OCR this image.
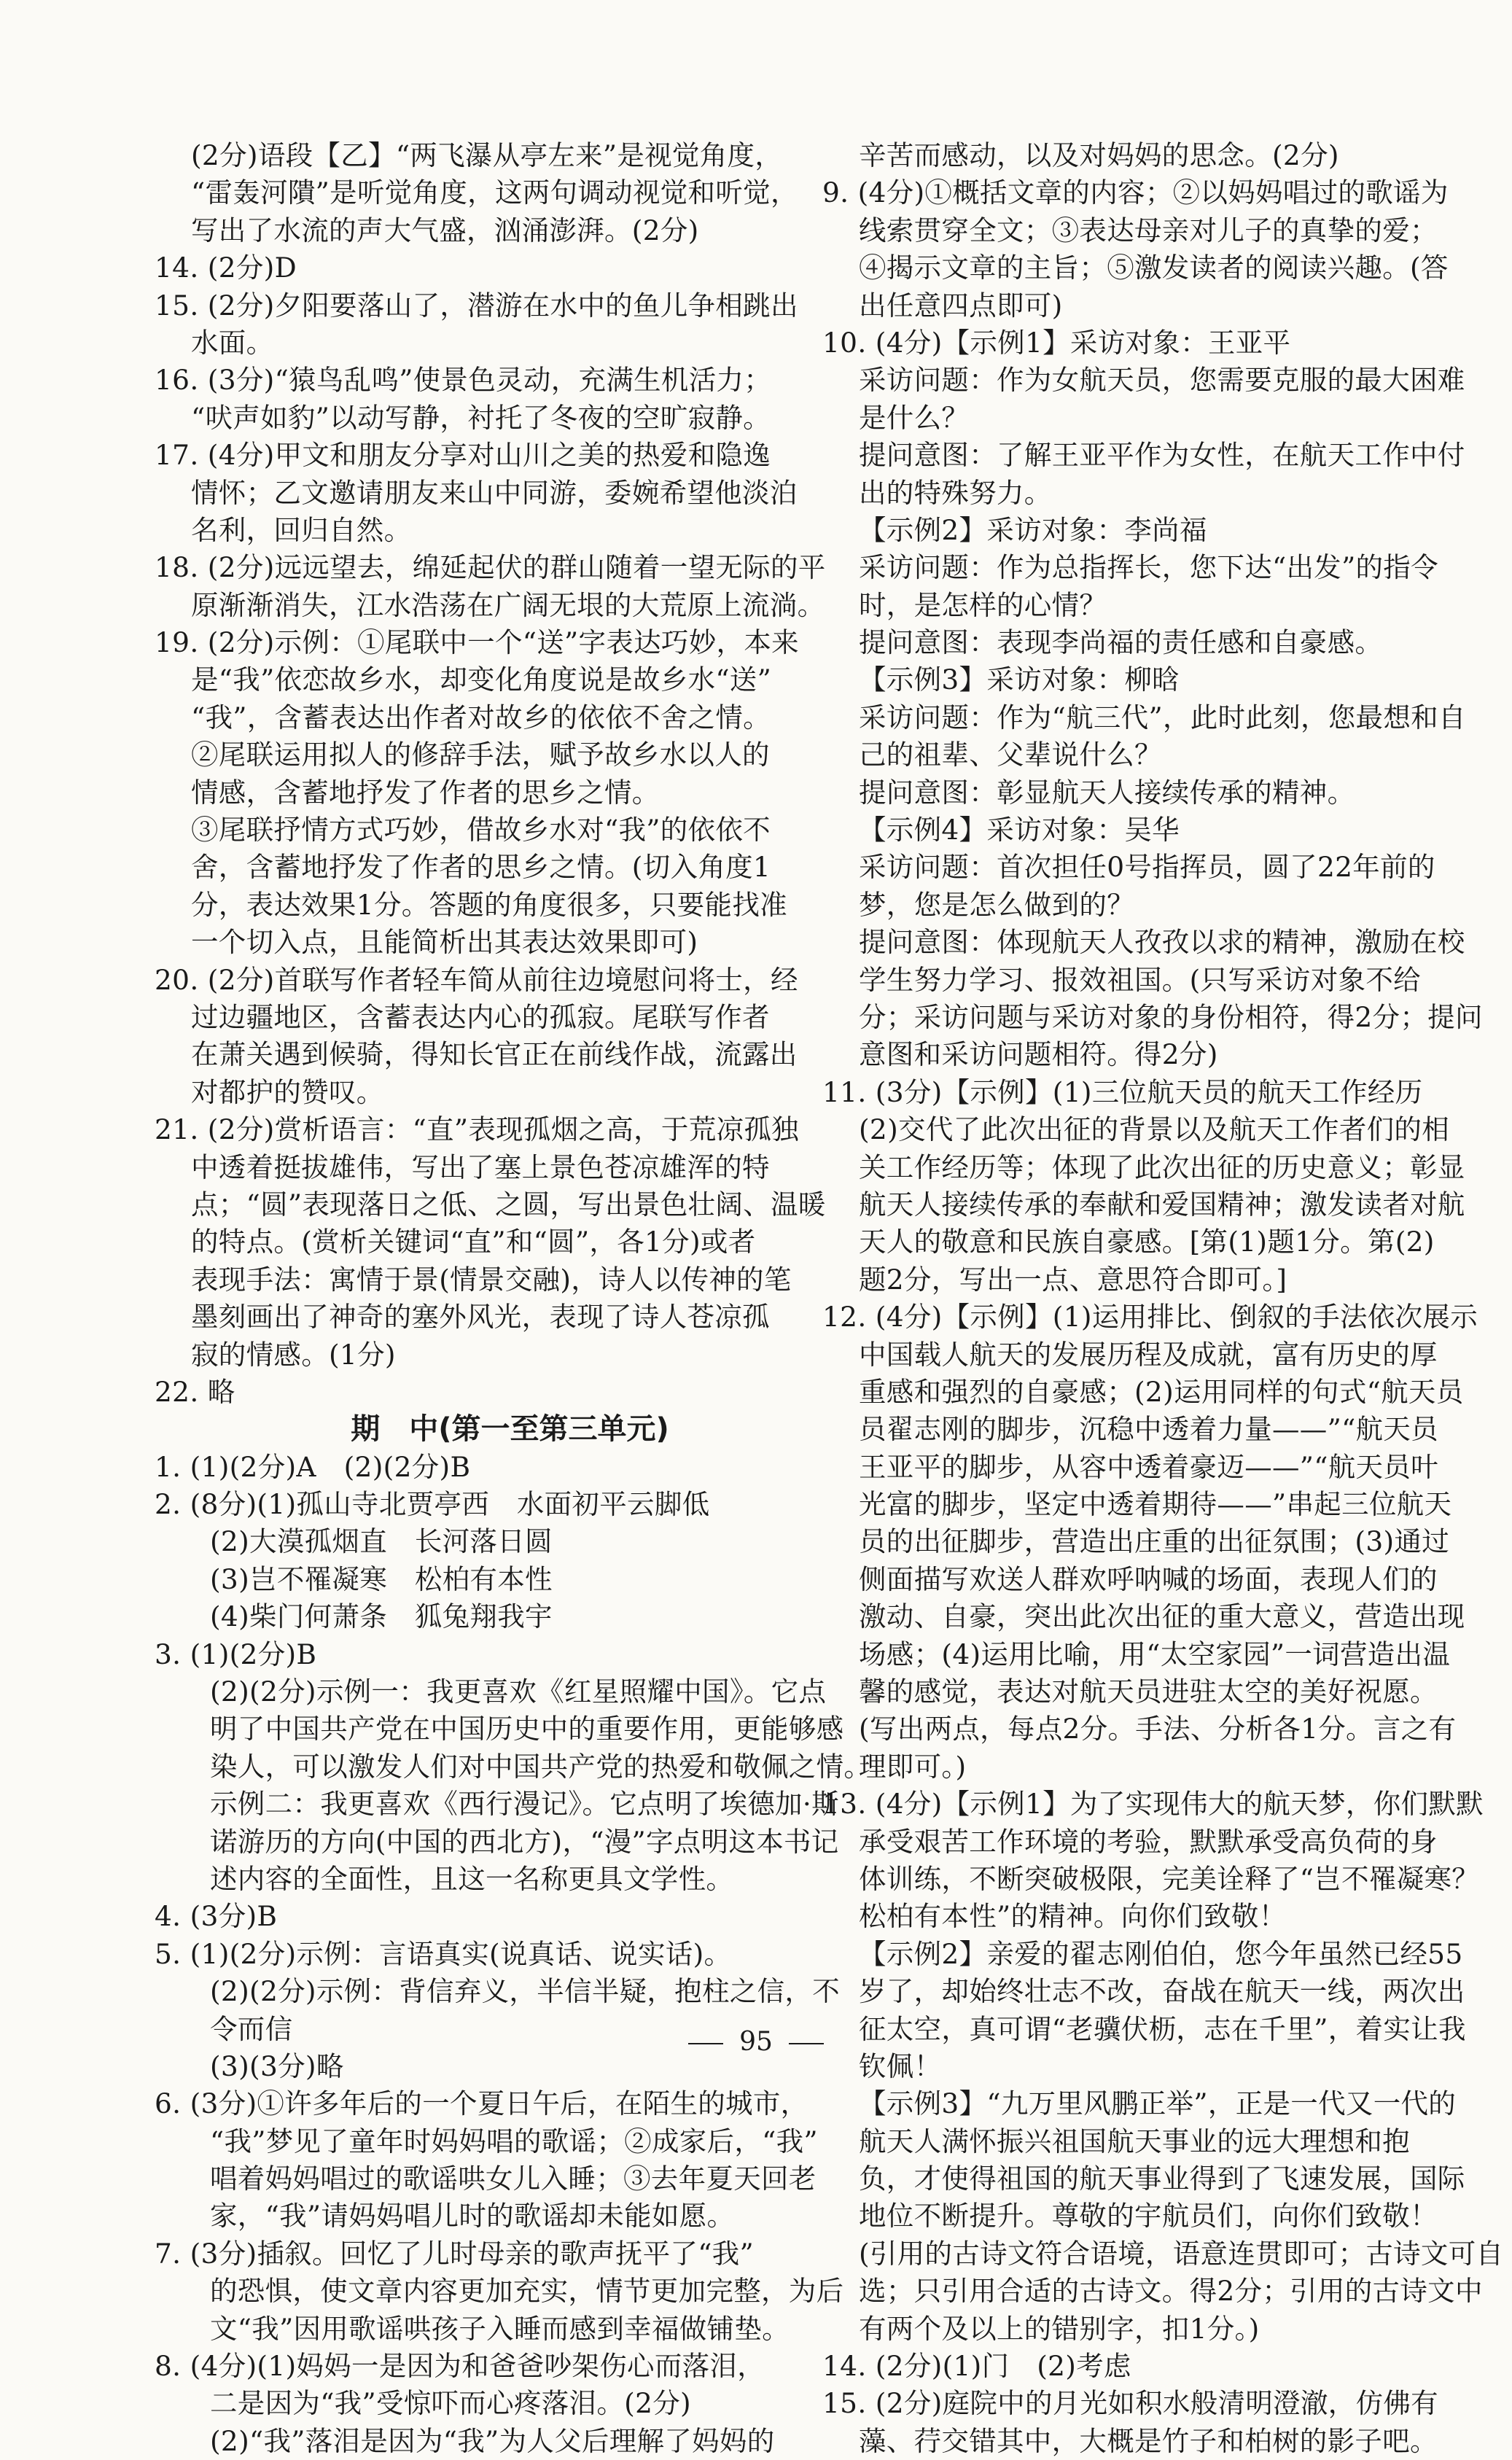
(2分)语段【乙】“两飞瀑从亭左来”是视觉角度，
“雷轰河隤”是听觉角度，这两句调动视觉和听觉，
写出了水流的声大气盛，汹涌澎湃。(2分)
14. (2分)D
15. (2分)夕阳要落山了，潜游在水中的鱼儿争相跳出
水面。
16. (3分)“猿鸟乱鸣”使景色灵动，充满生机活力；
“吠声如豹”以动写静，衬托了冬夜的空旷寂静。
17. (4分)甲文和朋友分享对山川之美的热爱和隐逸
情怀；乙文邀请朋友来山中同游，委婉希望他淡泊
名利，回归自然。
18. (2分)远远望去，绵延起伏的群山随着一望无际的平
原渐渐消失，江水浩荡在广阔无垠的大荒原上流淌。
19. (2分)示例：①尾联中一个“送”字表达巧妙，本来
是“我”依恋故乡水，却变化角度说是故乡水“送”
“我”，含蓄表达出作者对故乡的依依不舍之情。
②尾联运用拟人的修辞手法，赋予故乡水以人的
情感，含蓄地抒发了作者的思乡之情。
③尾联抒情方式巧妙，借故乡水对“我”的依依不
舍，含蓄地抒发了作者的思乡之情。(切入角度1
分，表达效果1分。答题的角度很多，只要能找准
一个切入点，且能简析出其表达效果即可)
20. (2分)首联写作者轻车简从前往边境慰问将士，经
过边疆地区，含蓄表达内心的孤寂。尾联写作者
在萧关遇到候骑，得知长官正在前线作战，流露出
对都护的赞叹。
21. (2分)赏析语言：“直”表现孤烟之高，于荒凉孤独
中透着挺拔雄伟，写出了塞上景色苍凉雄浑的特
点；“圆”表现落日之低、之圆，写出景色壮阔、温暖
的特点。(赏析关键词“直”和“圆”，各1分)或者
表现手法：寓情于景(情景交融)，诗人以传神的笔
墨刻画出了神奇的塞外风光，表现了诗人苍凉孤
寂的情感。(1分)
22. 略
期　中(第一至第三单元)
1. (1)(2分)A　(2)(2分)B
2. (8分)(1)孤山寺北贾亭西　水面初平云脚低
(2)大漠孤烟直　长河落日圆
(3)岂不罹凝寒　松柏有本性
(4)柴门何萧条　狐兔翔我宇
3. (1)(2分)B
(2)(2分)示例一：我更喜欢《红星照耀中国》。它点
明了中国共产党在中国历史中的重要作用，更能够感
染人，可以激发人们对中国共产党的热爱和敬佩之情。
示例二：我更喜欢《西行漫记》。它点明了埃德加·斯
诺游历的方向(中国的西北方)，“漫”字点明这本书记
述内容的全面性，且这一名称更具文学性。
4. (3分)B
5. (1)(2分)示例：言语真实(说真话、说实话)。
(2)(2分)示例：背信弃义，半信半疑，抱柱之信，不
令而信
(3)(3分)略
6. (3分)①许多年后的一个夏日午后，在陌生的城市，
“我”梦见了童年时妈妈唱的歌谣；②成家后，“我”
唱着妈妈唱过的歌谣哄女儿入睡；③去年夏天回老
家，“我”请妈妈唱儿时的歌谣却未能如愿。
7. (3分)插叙。回忆了儿时母亲的歌声抚平了“我”
的恐惧，使文章内容更加充实，情节更加完整，为后
文“我”因用歌谣哄孩子入睡而感到幸福做铺垫。
8. (4分)(1)妈妈一是因为和爸爸吵架伤心而落泪，
二是因为“我”受惊吓而心疼落泪。(2分)
(2)“我”落泪是因为“我”为人父后理解了妈妈的
辛苦而感动，以及对妈妈的思念。(2分)
9. (4分)①概括文章的内容；②以妈妈唱过的歌谣为
线索贯穿全文；③表达母亲对儿子的真挚的爱；
④揭示文章的主旨；⑤激发读者的阅读兴趣。(答
出任意四点即可)
10. (4分)【示例1】采访对象：王亚平
采访问题：作为女航天员，您需要克服的最大困难
是什么？
提问意图：了解王亚平作为女性，在航天工作中付
出的特殊努力。
【示例2】采访对象：李尚福
采访问题：作为总指挥长，您下达“出发”的指令
时，是怎样的心情？
提问意图：表现李尚福的责任感和自豪感。
【示例3】采访对象：柳晗
采访问题：作为“航三代”，此时此刻，您最想和自
己的祖辈、父辈说什么？
提问意图：彰显航天人接续传承的精神。
【示例4】采访对象：吴华
采访问题：首次担任0号指挥员，圆了22年前的
梦，您是怎么做到的？
提问意图：体现航天人孜孜以求的精神，激励在校
学生努力学习、报效祖国。(只写采访对象不给
分；采访问题与采访对象的身份相符，得2分；提问
意图和采访问题相符。得2分)
11. (3分)【示例】(1)三位航天员的航天工作经历
(2)交代了此次出征的背景以及航天工作者们的相
关工作经历等；体现了此次出征的历史意义；彰显
航天人接续传承的奉献和爱国精神；激发读者对航
天人的敬意和民族自豪感。[第(1)题1分。第(2)
题2分，写出一点、意思符合即可。]
12. (4分)【示例】(1)运用排比、倒叙的手法依次展示
中国载人航天的发展历程及成就，富有历史的厚
重感和强烈的自豪感；(2)运用同样的句式“航天员
员翟志刚的脚步，沉稳中透着力量——”“航天员
王亚平的脚步，从容中透着豪迈——”“航天员叶
光富的脚步，坚定中透着期待——”串起三位航天
员的出征脚步，营造出庄重的出征氛围；(3)通过
侧面描写欢送人群欢呼呐喊的场面，表现人们的
激动、自豪，突出此次出征的重大意义，营造出现
场感；(4)运用比喻，用“太空家园”一词营造出温
馨的感觉，表达对航天员进驻太空的美好祝愿。
(写出两点，每点2分。手法、分析各1分。言之有
理即可。)
13. (4分)【示例1】为了实现伟大的航天梦，你们默默
承受艰苦工作环境的考验，默默承受高负荷的身
体训练，不断突破极限，完美诠释了“岂不罹凝寒？
松柏有本性”的精神。向你们致敬！
【示例2】亲爱的翟志刚伯伯，您今年虽然已经55
岁了，却始终壮志不改，奋战在航天一线，两次出
征太空，真可谓“老骥伏枥，志在千里”，着实让我
钦佩！
【示例3】“九万里风鹏正举”，正是一代又一代的
航天人满怀振兴祖国航天事业的远大理想和抱
负，才使得祖国的航天事业得到了飞速发展，国际
地位不断提升。尊敬的宇航员们，向你们致敬！
(引用的古诗文符合语境，语意连贯即可；古诗文可自
选；只引用合适的古诗文。得2分；引用的古诗文中
有两个及以上的错别字，扣1分。)
14. (2分)(1)门　(2)考虑
15. (2分)庭院中的月光如积水般清明澄澈，仿佛有
藻、荇交错其中，大概是竹子和柏树的影子吧。
95
